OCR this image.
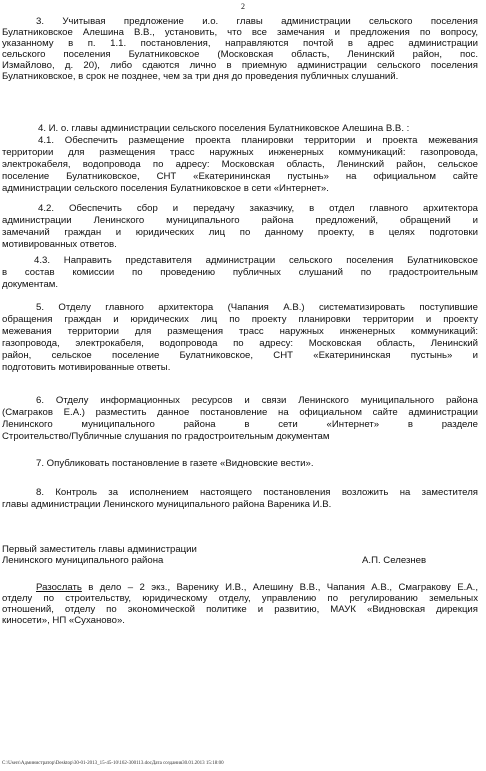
2
3. Учитывая предложение и.о. главы администрации сельского поселения
Булатниковское Алешина В.В., установить, что все замечания и предложения по вопросу,
указанному в п. 1.1. постановления, направляются почтой в адрес администрации
сельского поселения Булатниковское (Московская область, Ленинский район, пос.
Измайлово, д. 20), либо сдаются лично в приемную администрации сельского поселения
Булатниковское, в срок не позднее, чем за три дня до проведения публичных слушаний.
4. И. о. главы администрации сельского поселения Булатниковское Алешина В.В. :
4.1. Обеспечить размещение проекта планировки территории и проекта межевания
территории для размещения трасс наружных инженерных коммуникаций: газопровода,
электрокабеля, водопровода по адресу: Московская область, Ленинский район, сельское
поселение Булатниковское, СНТ «Екатерининская пустынь» на официальном сайте
администрации сельского поселения Булатниковское в сети «Интернет».
4.2. Обеспечить сбор и передачу заказчику, в отдел главного архитектора
администрации Ленинского муниципального района предложений, обращений и
замечаний граждан и юридических лиц по данному проекту, в целях подготовки
мотивированных ответов.
4.3. Направить представителя администрации сельского поселения Булатниковское
в состав комиссии по проведению публичных слушаний по градостроительным
документам.
5. Отделу главного архитектора (Чапания А.В.) систематизировать поступившие
обращения граждан и юридических лиц по проекту планировки территории и проекту
межевания территории для размещения трасс наружных инженерных коммуникаций:
газопровода, электрокабеля, водопровода по адресу: Московская область, Ленинский
район, сельское поселение Булатниковское, СНТ «Екатерининская пустынь» и
подготовить мотивированные ответы.
6. Отделу информационных ресурсов и связи Ленинского муниципального района
(Смаграков Е.А.) разместить данное постановление на официальном сайте администрации
Ленинского муниципального района в сети «Интернет» в разделе
Строительство/Публичные слушания по градостроительным документам
7. Опубликовать постановление в газете «Видновские вести».
8. Контроль за исполнением настоящего постановления возложить на заместителя
главы администрации Ленинского муниципального района Вареника И.В.
Первый заместитель главы администрации
Ленинского муниципального района	А.П. Селезнев
Разослать в дело – 2 экз., Варенику И.В., Алешину В.В., Чапания А.В., Смагракову Е.А.,
отделу по строительству, юридическому отделу, управлению по регулированию земельных
отношений, отделу по экономической политике и развитию, МАУК «Видновская дирекция
киносети», НП «Суханово».
C:\Users\Администратор\Desktop\30-01-2013_15-45-10\162-300113.docДата создания30.01.2013 15:18:00
